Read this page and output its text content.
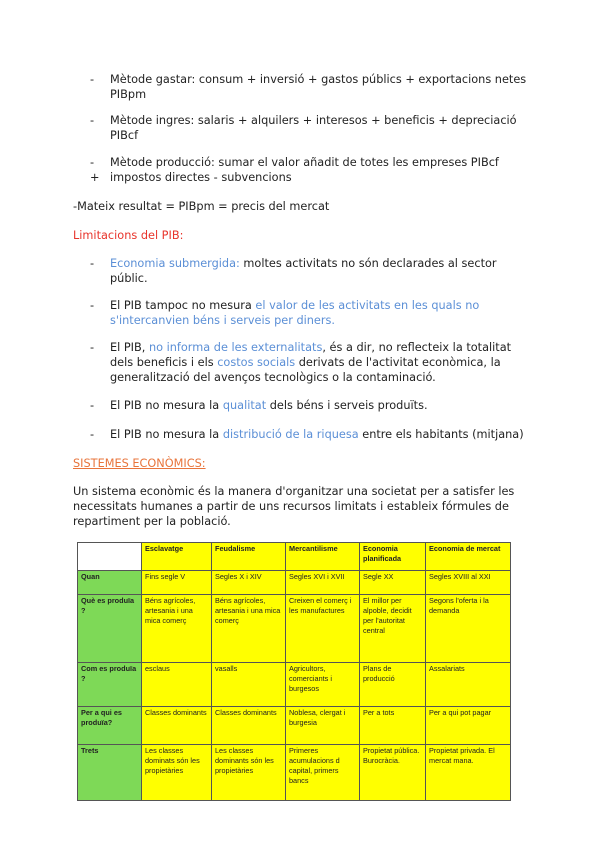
-	Mètode gastar: consum + inversió + gastos públics + exportacions netes
PIBpm
-	Mètode ingres: salaris + alquilers + interesos + beneficis + depreciació
PIBcf
-	Mètode producció: sumar el valor añadit de totes les empreses PIBcf
+ impostos directes - subvencions
-Mateix resultat = PIBpm = precis del mercat
Limitacions del PIB:
-	Economia submergida: moltes activitats no són declarades al sector
públic.
-	El PIB tampoc no mesura el valor de les activitats en les quals no
s'intercanvien béns i serveis per diners.
-	El PIB, no informa de les externalitats, és a dir, no reflecteix la totalitat
dels beneficis i els costos socials derivats de l'activitat econòmica, la
generalització del avenços tecnològics o la contaminació.
-	El PIB no mesura la qualitat dels béns i serveis produïts.
-	El PIB no mesura la distribució de la riquesa entre els habitants (mitjana)
SISTEMES ECONÒMICS:
Un sistema econòmic és la manera d'organitzar una societat per a satisfer les
necessitats humanes a partir de uns recursos limitats i estableix fórmules de
repartiment per la població.
	Esclavatge	Feudalisme	Mercantilisme	Economia planificada	Economia de mercat
Quan	Fins segle V	Segles X i XIV	Segles XVI i XVII	Segle XX	Segles XVIII al XXI
Què es produïa ?	Béns agrícoles, artesania i una mica comerç	Béns agrícoles, artesania i una mica comerç	Creixen el comerç i les manufactures	El millor per alpoble, decidit per l'autoritat central	Segons l'oferta i la demanda
Com es produïa ?	esclaus	vasalls	Agricultors, comerciants i burgesos	Plans de producció	Assalariats
Per a qui es produïa?	Classes dominants	Classes dominants	Noblesa, clergat i burgesia	Per a tots	Per a qui pot pagar
Trets	Les classes dominats són les propietàries	Les classes dominants són les propietàries	Primeres acumulacions d capital, primers bancs	Propietat pública. Burocràcia.	Propietat privada. El mercat mana.
